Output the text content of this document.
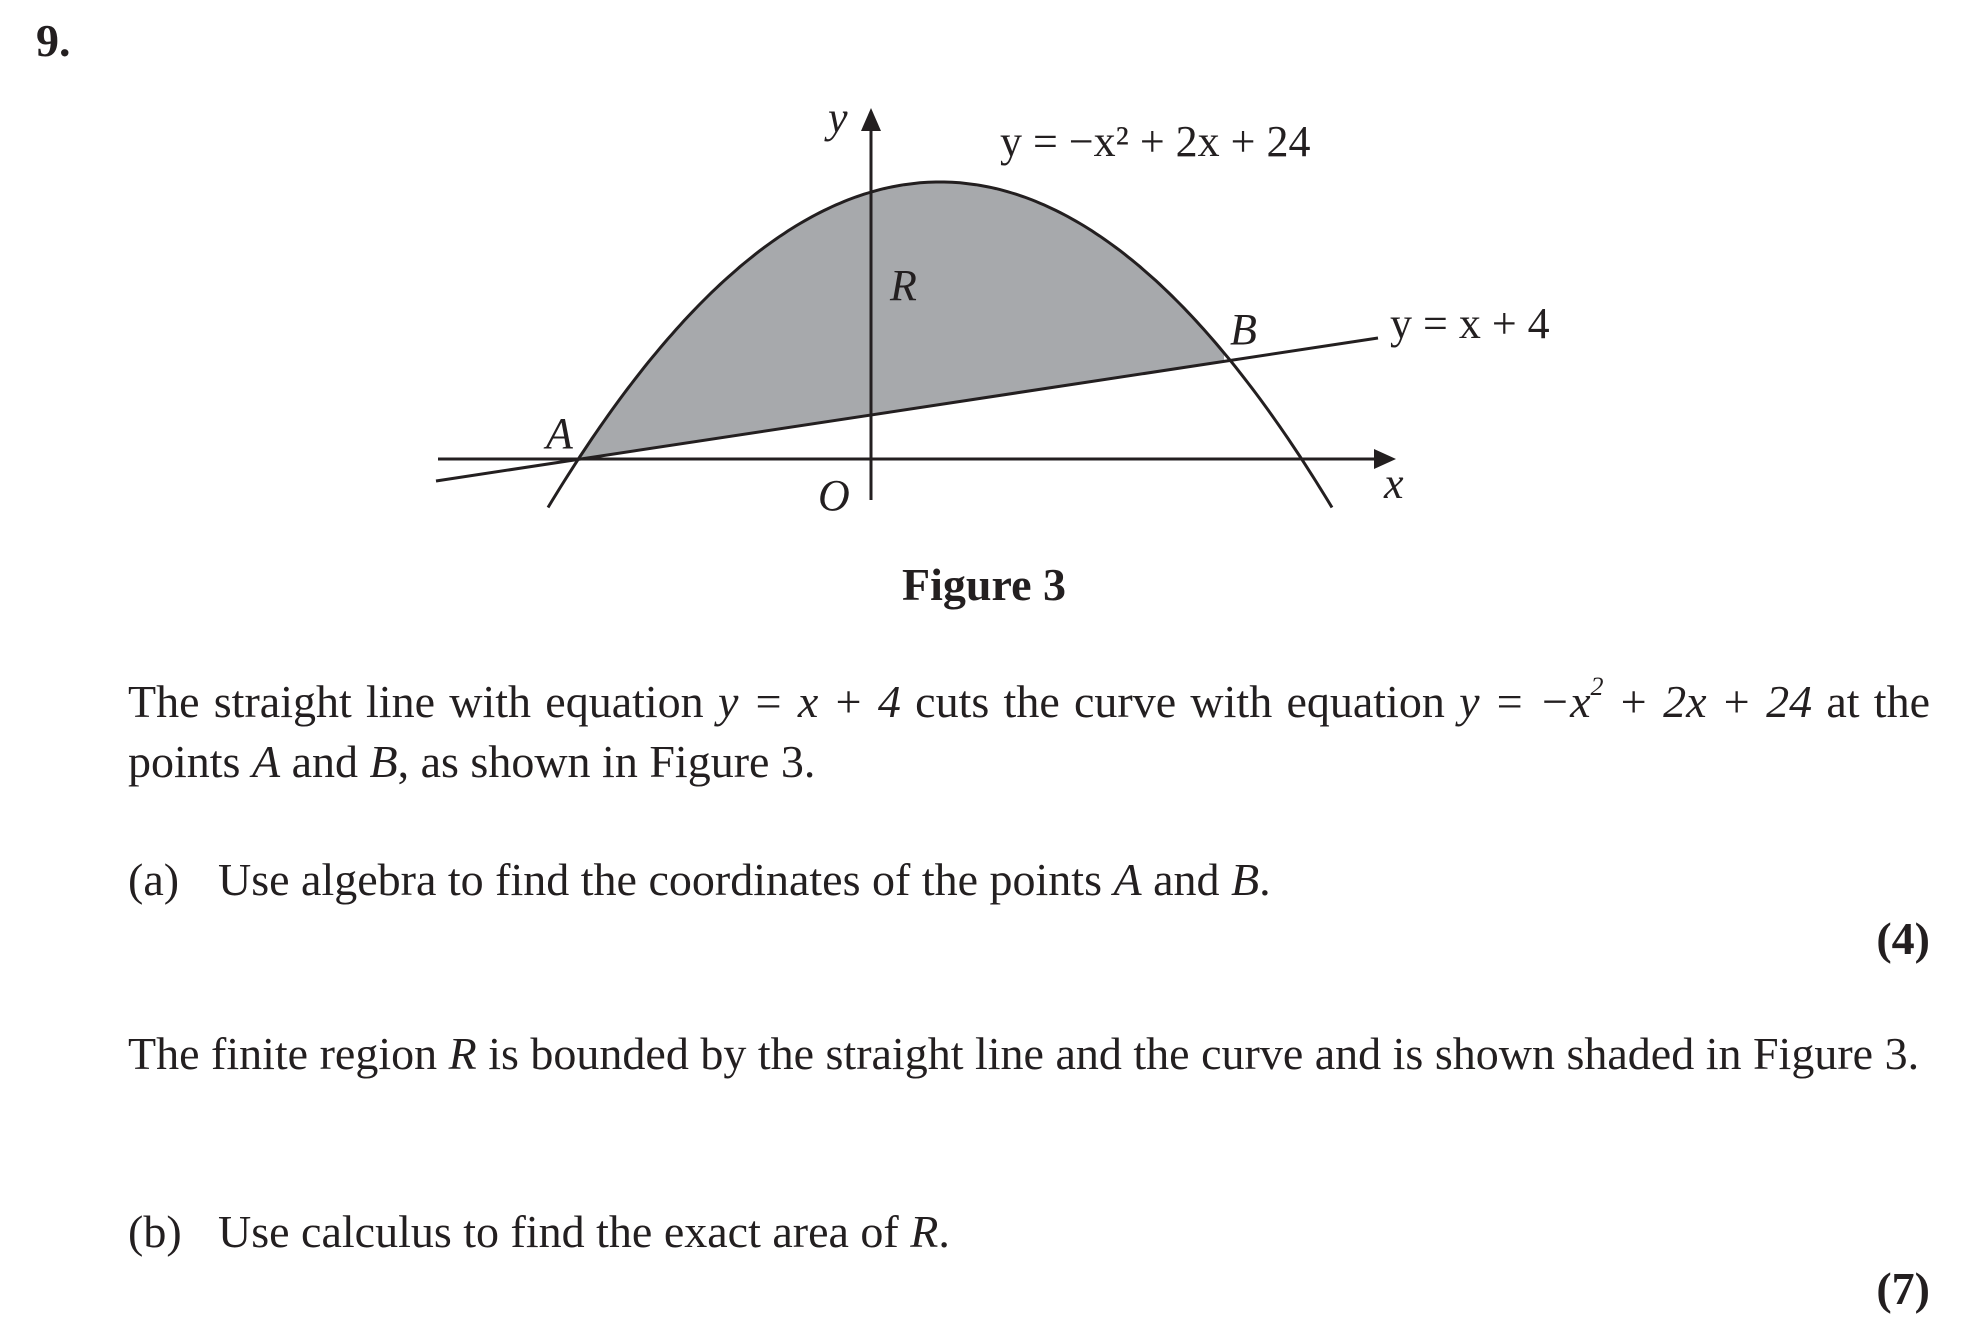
9.
y
x
O
A
B
R
y = −x² + 2x + 24
y = x + 4
Figure 3
The straight line with equation y = x + 4 cuts the curve with equation $y = -x^2 + 2x + 24$ at the points A and B, as shown in Figure 3.
(a) Use algebra to find the coordinates of the points A and B.
(4)
The finite region R is bounded by the straight line and the curve and is shown shaded in Figure 3.
(b) Use calculus to find the exact area of R.
(7)
